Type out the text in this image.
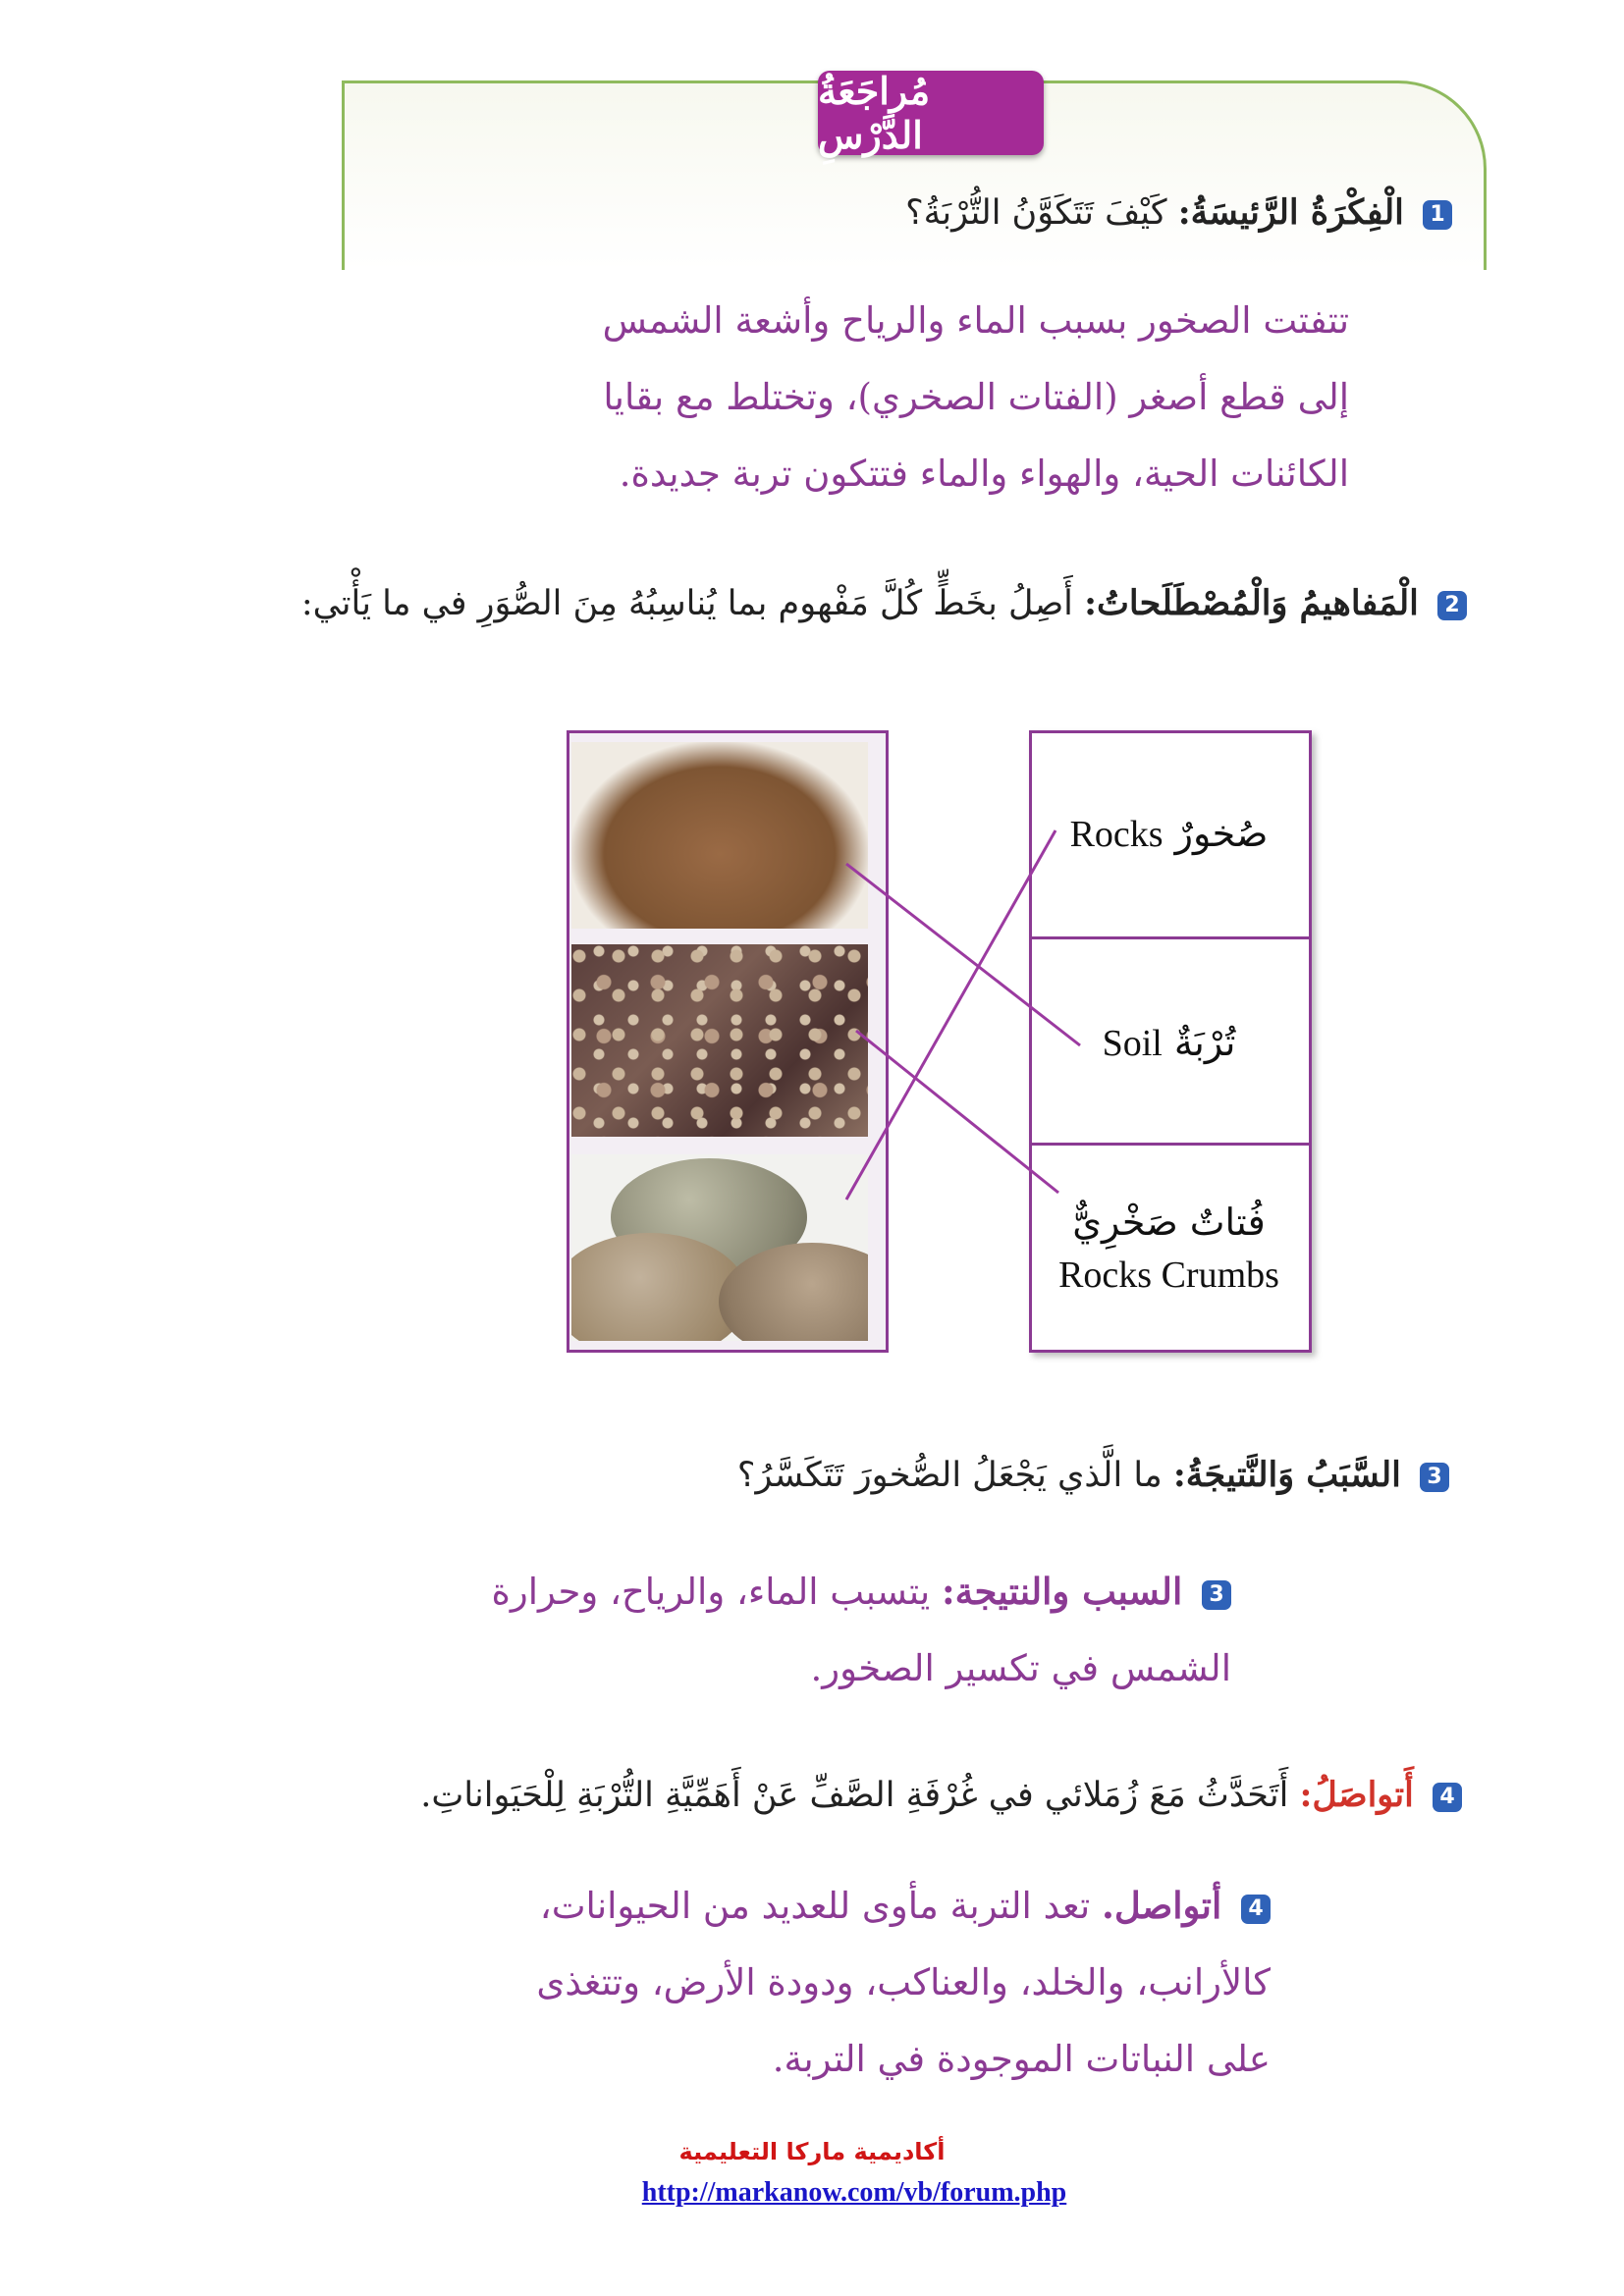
مُراجَعَةُ الدَّرْسِ
1 الْفِكْرَةُ الرَّئيسَةُ: كَيْفَ تَتَكَوَّنُ التُّرْبَةُ؟
تتفتت الصخور بسبب الماء والرياح وأشعة الشمس
إلى قطع أصغر (الفتات الصخري)، وتختلط مع بقايا
الكائنات الحية، والهواء والماء فتتكون تربة جديدة.
2 الْمَفاهيمُ وَالْمُصْطَلَحاتُ: أَصِلُ بخَطٍّ كُلَّ مَفْهوم بما يُناسِبُهُ مِنَ الصُّوَرِ في ما يَأْتي:
Rocks صُخورٌ
Soil تُرْبَةٌ
فُتاتٌ صَخْرِيٌّ
Rocks Crumbs
3 السَّبَبُ وَالنَّتيجَةُ: ما الَّذي يَجْعَلُ الصُّخورَ تَتَكَسَّرُ؟
3 السبب والنتيجة: يتسبب الماء، والرياح، وحرارة
الشمس في تكسير الصخور.
4 أَتواصَلُ: أَتَحَدَّثُ مَعَ زُمَلائي في غُرْفَةِ الصَّفِّ عَنْ أَهَمِّيَّةِ التُّرْبَةِ لِلْحَيَواناتِ.
4 أتواصل. تعد التربة مأوى للعديد من الحيوانات،
كالأرانب، والخلد، والعناكب، ودودة الأرض، وتتغذى
على النباتات الموجودة في التربة.
أكاديمية ماركا التعليمية
http://markanow.com/vb/forum.php
